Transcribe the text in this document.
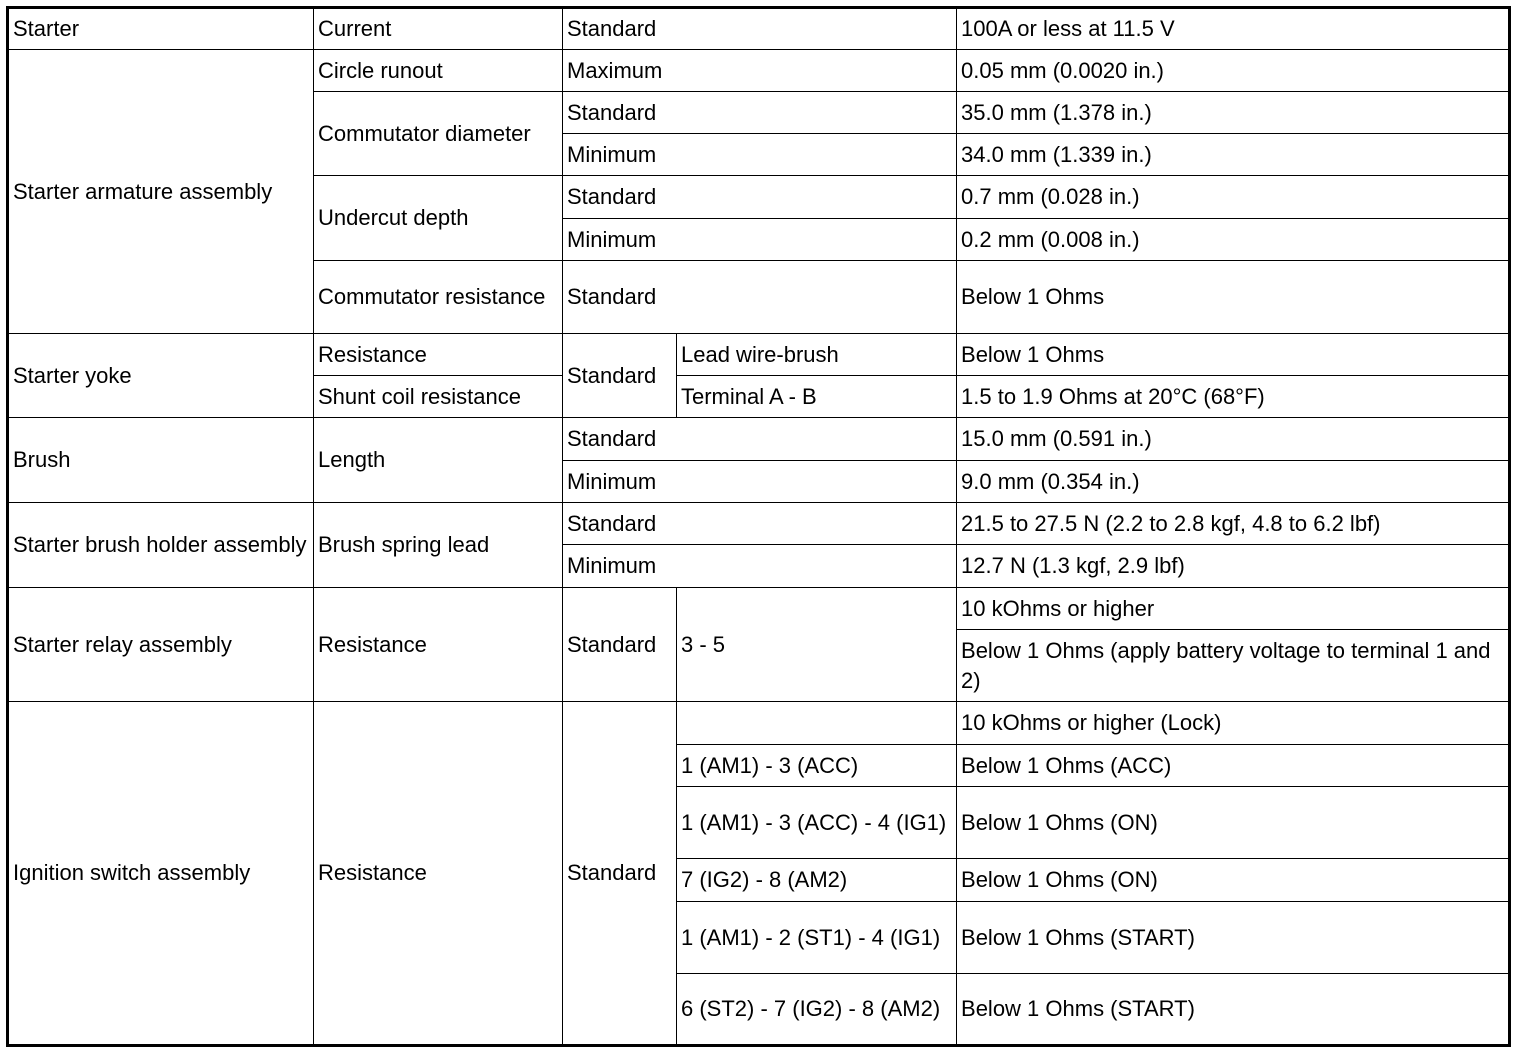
Starter	Current	Standard		100A or less at 11.5 V
Starter armature assembly	Circle runout	Maximum		0.05 mm (0.0020 in.)
	Commutator diameter	Standard		35.0 mm (1.378 in.)
		Minimum		34.0 mm (1.339 in.)
	Undercut depth	Standard		0.7 mm (0.028 in.)
		Minimum		0.2 mm (0.008 in.)
	Commutator resistance	Standard		Below 1 Ohms
Starter yoke	Resistance	Standard	Lead wire-brush	Below 1 Ohms
	Shunt coil resistance		Terminal A - B	1.5 to 1.9 Ohms at 20°C (68°F)
Brush	Length	Standard		15.0 mm (0.591 in.)
		Minimum		9.0 mm (0.354 in.)
Starter brush holder assembly	Brush spring lead	Standard		21.5 to 27.5 N (2.2 to 2.8 kgf, 4.8 to 6.2 lbf)
		Minimum		12.7 N (1.3 kgf, 2.9 lbf)
Starter relay assembly	Resistance	Standard	3 - 5	10 kOhms or higher
				Below 1 Ohms (apply battery voltage to terminal 1 and 2)
Ignition switch assembly	Resistance	Standard		10 kOhms or higher (Lock)
			1 (AM1) - 3 (ACC)	Below 1 Ohms (ACC)
			1 (AM1) - 3 (ACC) - 4 (IG1)	Below 1 Ohms (ON)
			7 (IG2) - 8 (AM2)	Below 1 Ohms (ON)
			1 (AM1) - 2 (ST1) - 4 (IG1)	Below 1 Ohms (START)
			6 (ST2) - 7 (IG2) - 8 (AM2)	Below 1 Ohms (START)
